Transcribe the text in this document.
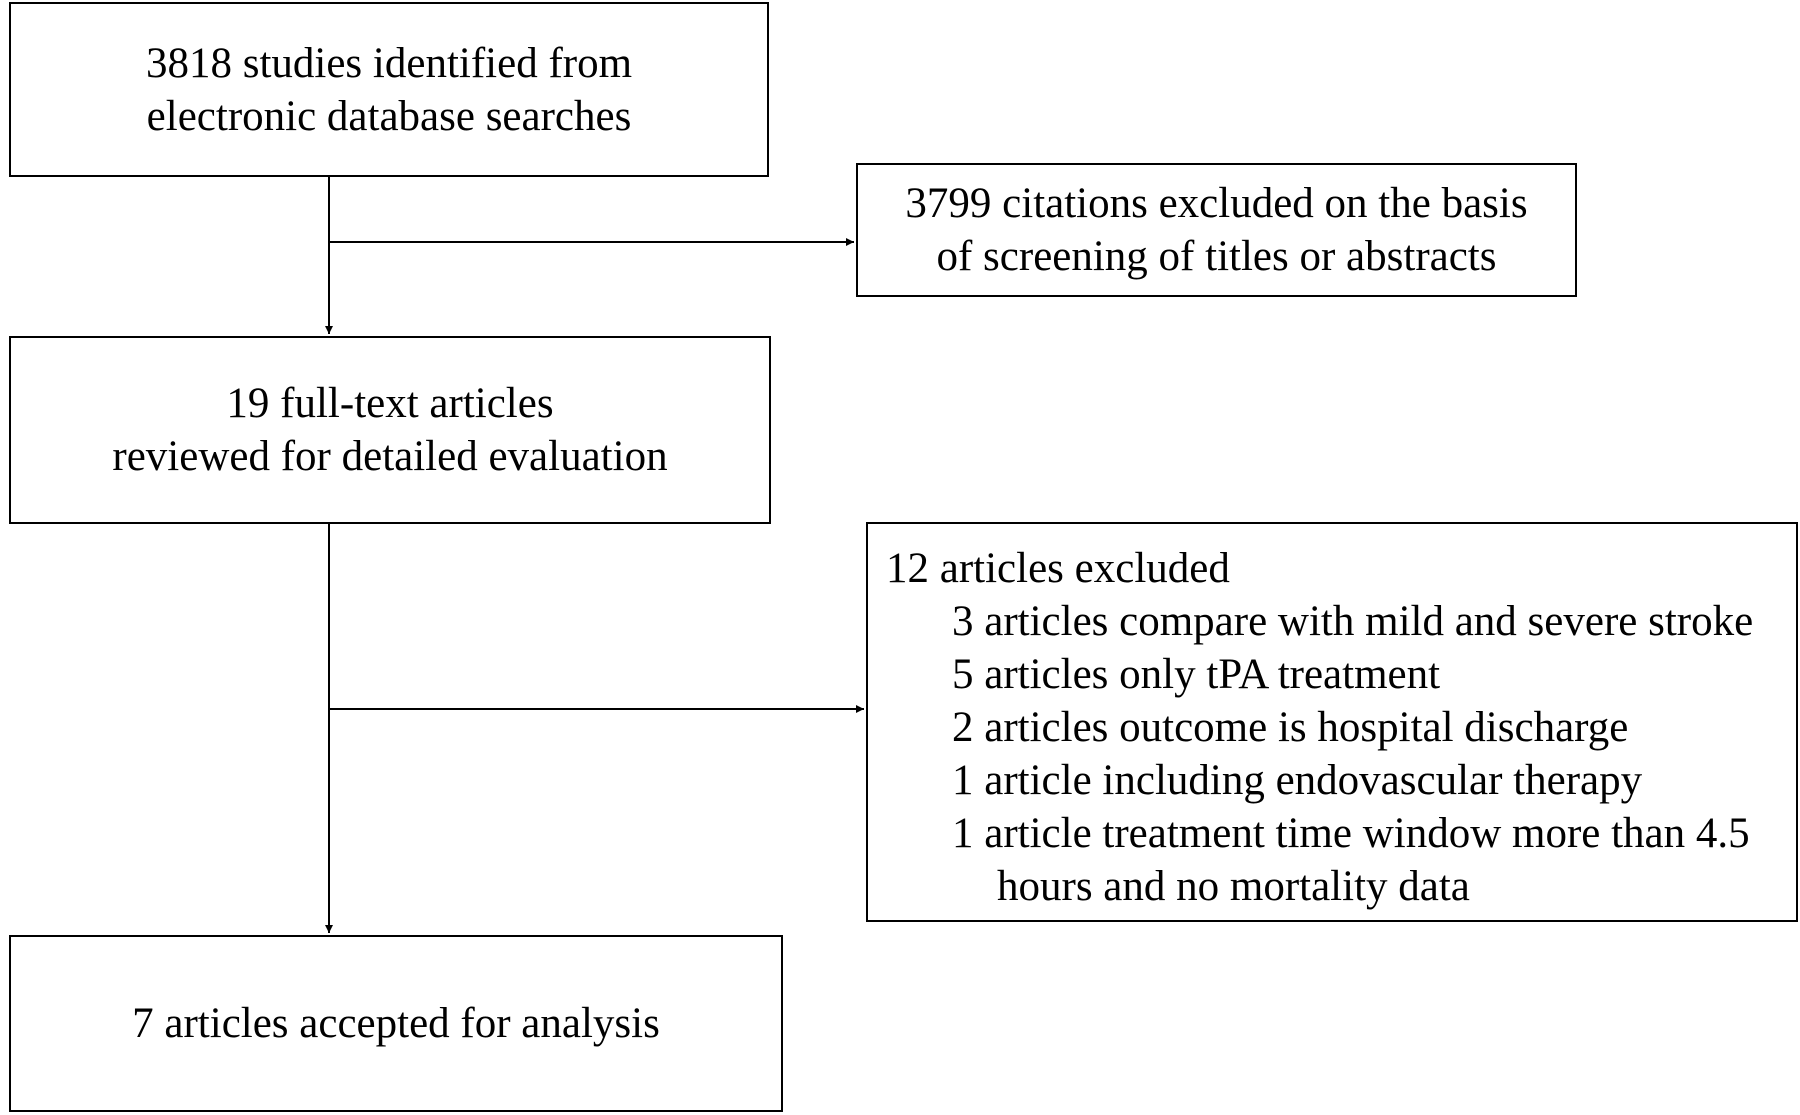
3818 studies identified from
electronic database searches
3799 citations excluded on the basis
of screening of titles or abstracts
19 full-text articles
reviewed for detailed evaluation
12 articles excluded
3 articles compare with mild and severe stroke
5 articles only tPA treatment
2 articles outcome is hospital discharge
1 article including endovascular therapy
1 article treatment time window more than 4.5
hours and no mortality data
7 articles accepted for analysis
